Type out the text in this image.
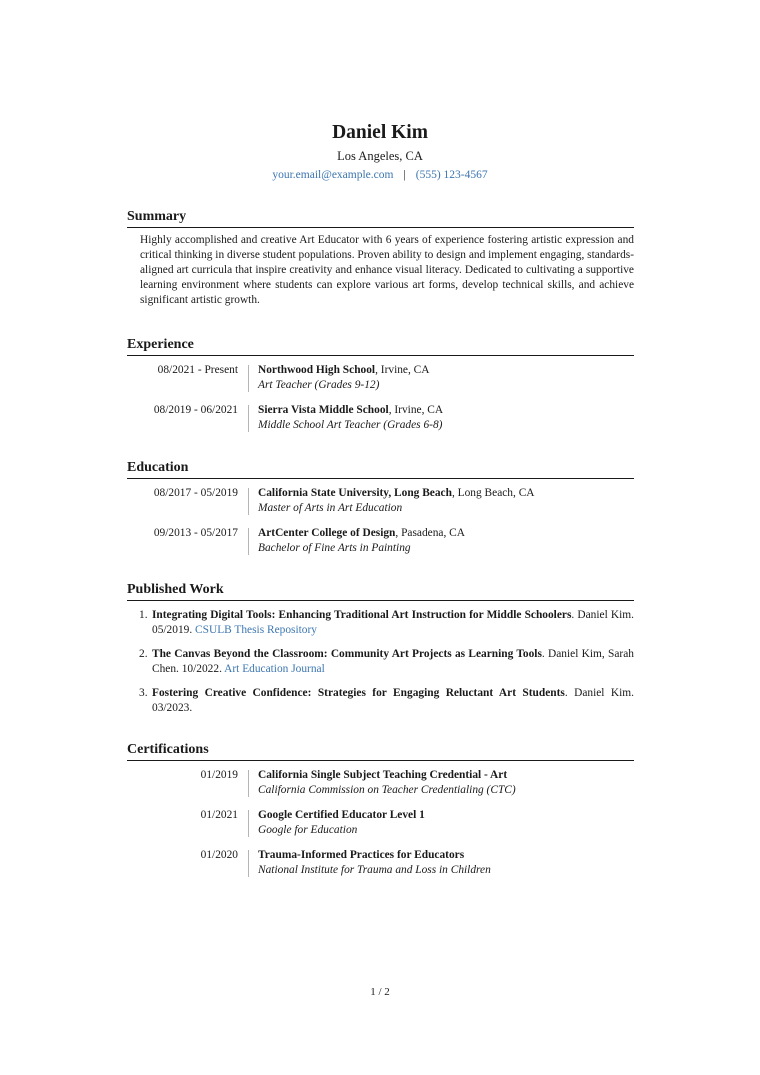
Daniel Kim
Los Angeles, CA
your.email@example.com | (555) 123-4567
Summary
Highly accomplished and creative Art Educator with 6 years of experience fostering artistic expression and critical thinking in diverse student populations. Proven ability to design and implement engaging, standards-aligned art curricula that inspire creativity and enhance visual literacy. Dedicated to cultivating a supportive learning environment where students can explore various art forms, develop technical skills, and achieve significant artistic growth.
Experience
08/2021 - Present Northwood High School, Irvine, CA
Art Teacher (Grades 9-12)
08/2019 - 06/2021 Sierra Vista Middle School, Irvine, CA
Middle School Art Teacher (Grades 6-8)
Education
08/2017 - 05/2019 California State University, Long Beach, Long Beach, CA
Master of Arts in Art Education
09/2013 - 05/2017 ArtCenter College of Design, Pasadena, CA
Bachelor of Fine Arts in Painting
Published Work
1. Integrating Digital Tools: Enhancing Traditional Art Instruction for Middle Schoolers. Daniel Kim. 05/2019. CSULB Thesis Repository
2. The Canvas Beyond the Classroom: Community Art Projects as Learning Tools. Daniel Kim, Sarah Chen. 10/2022. Art Education Journal
3. Fostering Creative Confidence: Strategies for Engaging Reluctant Art Students. Daniel Kim. 03/2023.
Certifications
01/2019 California Single Subject Teaching Credential - Art
California Commission on Teacher Credentialing (CTC)
01/2021 Google Certified Educator Level 1
Google for Education
01/2020 Trauma-Informed Practices for Educators
National Institute for Trauma and Loss in Children
1 / 2
